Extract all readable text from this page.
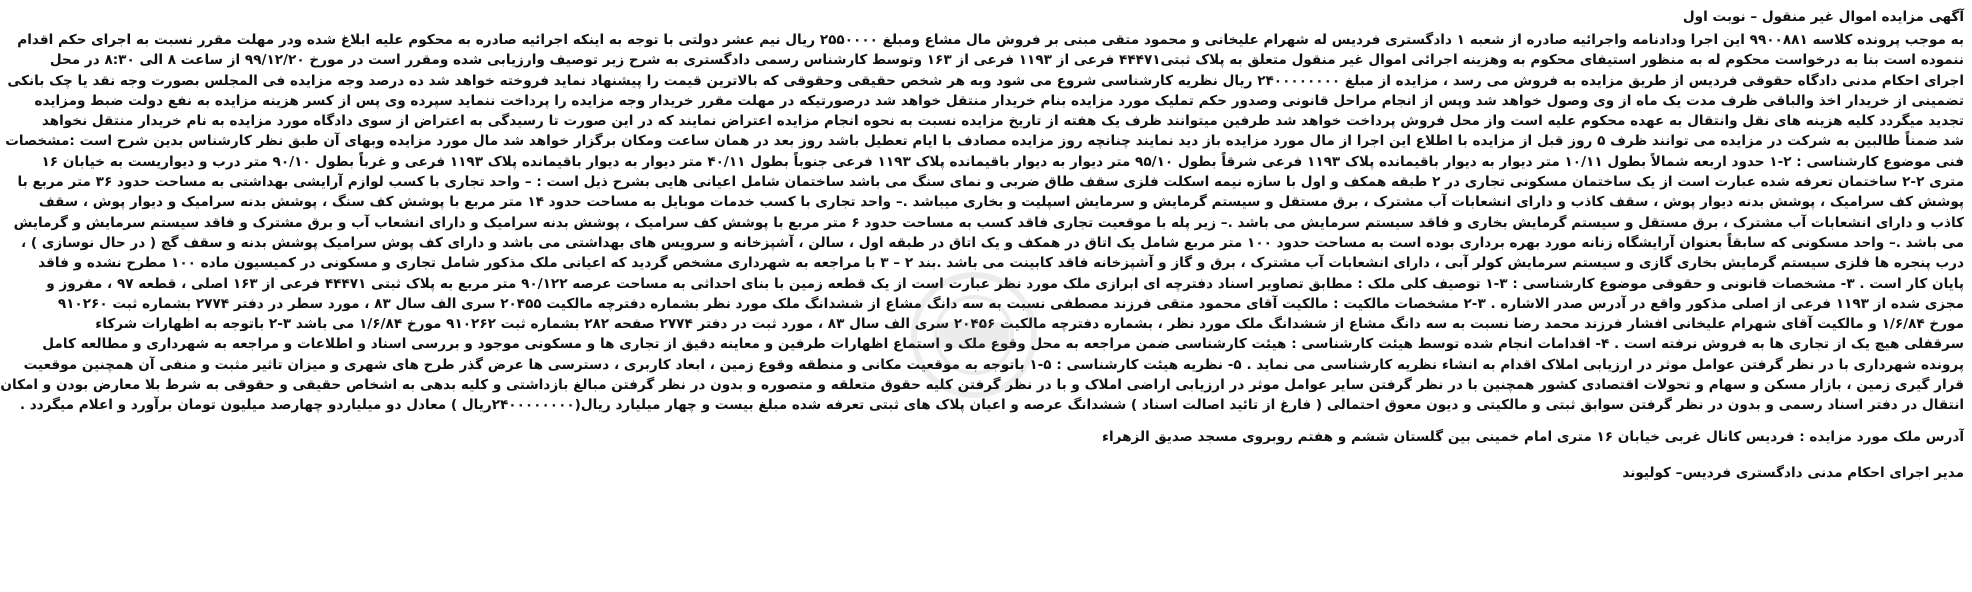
آگهی مزایده اموال غیر منقول – نوبت اول
به موجب پرونده کلاسه ۹۹۰۰۸۸۱ این اجرا ودادنامه واجرائیه صادره از شعبه ۱ دادگستری فردیس له شهرام علیخانی و محمود متقی مبنی بر فروش مال مشاع ومبلغ ۲۵۵۰۰۰۰ ریال نیم عشر دولتی با توجه به اینکه اجرائیه صادره به محکوم علیه ابلاغ شده ودر مهلت مقرر نسبت به اجرای حکم اقدام
ننموده است بنا به درخواست محکوم له به منظور استیفای محکوم به وهزینه اجرائی اموال غیر منقول متعلق به پلاک ثبتی۴۴۴۷۱ فرعی از ۱۱۹۳ فرعی از ۱۶۳ وتوسط کارشناس رسمی دادگستری به شرح زیر توصیف وارزیابی شده ومقرر است در مورخ ۹۹/۱۲/۲۰ از ساعت ۸ الی ۸:۳۰ در محل
اجرای احکام مدنی دادگاه حقوقی فردیس از طریق مزایده به فروش می رسد ، مزایده از مبلغ ۲۴۰۰۰۰۰۰۰۰ ریال نظریه کارشناسی شروع می شود وبه هر شخص حقیقی وحقوقی که بالاترین قیمت را پیشنهاد نماید فروخته خواهد شد ده درصد وجه مزایده فی المجلس بصورت وجه نقد یا چک بانکی
تضمینی از خریدار اخذ والباقی ظرف مدت یک ماه از وی وصول خواهد شد وپس از انجام مراحل قانونی وصدور حکم تملیک مورد مزایده بنام خریدار منتقل خواهد شد درصورتیکه در مهلت مقرر خریدار وجه مزایده را پرداخت ننماید سپرده وی پس از کسر هزینه مزایده به نفع دولت ضبط ومزایده
تجدید میگردد کلیه هزینه های نقل وانتقال به عهده محکوم علیه است واز محل فروش پرداخت خواهد شد طرفین میتوانند ظرف یک هفته از تاریخ مزایده نسبت به نحوه انجام مزایده اعتراض نمایند که در این صورت تا رسیدگی به اعتراض از سوی دادگاه مورد مزایده به نام خریدار منتقل نخواهد
شد ضمناً طالبین به شرکت در مزایده می توانند ظرف ۵ روز قبل از مزایده با اطلاع این اجرا از مال مورد مزایده باز دید نمایند چنانچه روز مزایده مصادف با ایام تعطیل باشد روز بعد در همان ساعت ومکان برگزار خواهد شد مال مورد مزایده وبهای آن طبق نظر کارشناس بدین شرح است :مشخصات
فنی موضوع کارشناسی : ۲-۱ حدود اربعه شمالاً بطول ۱۰/۱۱ متر دیوار به دیوار باقیمانده پلاک ۱۱۹۳ فرعی شرقاً بطول ۹۵/۱۰ متر دیوار به دیوار باقیمانده پلاک ۱۱۹۳ فرعی جنوباً بطول ۴۰/۱۱ متر دیوار به دیوار باقیمانده پلاک ۱۱۹۳ فرعی و غرباً بطول ۹۰/۱۰ متر درب و دیواریست به خیابان ۱۶
متری ۲-۲ ساختمان تعرفه شده عبارت است از یک ساختمان مسکونی تجاری در ۲ طبقه همکف و اول با سازه نیمه اسکلت فلزی سقف طاق ضربی و نمای سنگ می باشد ساختمان شامل اعیانی هایی بشرح ذیل است : – واحد تجاری با کسب لوازم آرایشی بهداشتی به مساحت حدود ۳۶ متر مربع با
پوشش کف سرامیک ، پوشش بدنه دیوار پوش ، سقف کاذب و دارای انشعابات آب مشترک ، برق مستقل و سیستم گرمایش و سرمایش اسپلیت و بخاری میباشد .– واحد تجاری با کسب خدمات موبایل به مساحت حدود ۱۴ متر مربع با پوشش کف سنگ ، پوشش بدنه سرامیک و دیوار پوش ، سقف
کاذب و دارای انشعابات آب مشترک ، برق مستقل و سیستم گرمایش بخاری و فاقد سیستم سرمایش می باشد .– زیر پله با موقعیت تجاری فاقد کسب به مساحت حدود ۶ متر مربع با پوشش کف سرامیک ، پوشش بدنه سرامیک و دارای انشعاب آب و برق مشترک و فاقد سیستم سرمایش و گرمایش
می باشد .– واحد مسکونی که سابقاً بعنوان آرایشگاه زنانه مورد بهره برداری بوده است به مساحت حدود ۱۰۰ متر مربع شامل یک اتاق در همکف و یک اتاق در طبقه اول ، سالن ، آشپزخانه و سرویس های بهداشتی می باشد و دارای کف پوش سرامیک پوشش بدنه و سقف گچ ( در حال نوسازی ) ،
درب پنجره ها فلزی سیستم گرمایش بخاری گازی و سیستم سرمایش کولر آبی ، دارای انشعابات آب مشترک ، برق و گاز و آشپزخانه فاقد کابینت می باشد .بند ۲ – ۳ با مراجعه به شهرداری مشخص گردید که اعیانی ملک مذکور شامل تجاری و مسکونی در کمیسیون ماده ۱۰۰ مطرح نشده و فاقد
پایان کار است . ۳- مشخصات قانونی و حقوقی موضوع کارشناسی : ۳-۱ توصیف کلی ملک : مطابق تصاویر اسناد دفترچه ای ابرازی ملک مورد نظر عبارت است از یک قطعه زمین با بنای احداثی به مساحت عرصه ۹۰/۱۲۲ متر مربع به پلاک ثبتی ۴۴۴۷۱ فرعی از ۱۶۳ اصلی ، قطعه ۹۷ ، مفروز و
مجزی شده از ۱۱۹۳ فرعی از اصلی مذکور واقع در آدرس صدر الاشاره . ۳-۲ مشخصات مالکیت : مالکیت آقای محمود متقی فرزند مصطفی نسبت به سه دانگ مشاع از ششدانگ ملک مورد نظر بشماره دفترچه مالکیت ۲۰۴۵۵ سری الف سال ۸۳ ، مورد سطر در دفتر ۲۷۷۴ بشماره ثبت ۹۱۰۲۶۰
مورخ ۱/۶/۸۴ و مالکیت آقای شهرام علیخانی افشار فرزند محمد رضا نسبت به سه دانگ مشاع از ششدانگ ملک مورد نظر ، بشماره دفترچه مالکیت ۲۰۴۵۶ سری الف سال ۸۳ ، مورد ثبت در دفتر ۲۷۷۴ صفحه ۲۸۲ بشماره ثبت ۹۱۰۲۶۲ مورخ ۱/۶/۸۴ می باشد ۳-۲ باتوجه به اظهارات شرکاء
سرقفلی هیچ یک از تجاری ها به فروش نرفته است . ۴- اقدامات انجام شده توسط هیئت کارشناسی : هیئت کارشناسی ضمن مراجعه به محل وقوع ملک و استماع اظهارات طرفین و معاینه دقیق از تجاری ها و مسکونی موجود و بررسی اسناد و اطلاعات و مراجعه به شهرداری و مطالعه کامل
پرونده شهرداری با در نظر گرفتن عوامل موثر در ارزیابی املاک اقدام به انشاء نظریه کارشناسی می نماید . ۵- نظریه هیئت کارشناسی : ۵-۱ باتوجه به موقعیت مکانی و منطقه وقوع زمین ، ابعاد کاربری ، دسترسی ها عرض گذر طرح های شهری و میزان تاثیر مثبت و منفی آن همچنین موقعیت
قرار گیری زمین ، بازار مسکن و سهام و تحولات اقتصادی کشور همچنین با در نظر گرفتن سایر عوامل موثر در ارزیابی اراضی املاک و با در نظر گرفتن کلیه حقوق متعلقه و متصوره و بدون در نظر گرفتن مبالغ بازداشتی و کلیه بدهی به اشخاص حقیقی و حقوقی به شرط بلا معارض بودن و امکان
انتقال در دفتر اسناد رسمی و بدون در نظر گرفتن سوابق ثبتی و مالکیتی و دیون معوق احتمالی ( فارغ از تائید اصالت اسناد ) ششدانگ عرصه و اعیان پلاک های ثبتی تعرفه شده مبلغ بیست و چهار میلیارد ریال(۲۴۰۰۰۰۰۰۰۰ریال ) معادل دو میلیاردو چهارصد میلیون تومان برآورد و اعلام میگردد .
آدرس ملک مورد مزایده : فردیس کانال غربی خیابان ۱۶ متری امام خمینی بین گلستان ششم و هفتم روبروی مسجد صدیق الزهراء
مدیر اجرای احکام مدنی دادگستری فردیس– کولیوند
